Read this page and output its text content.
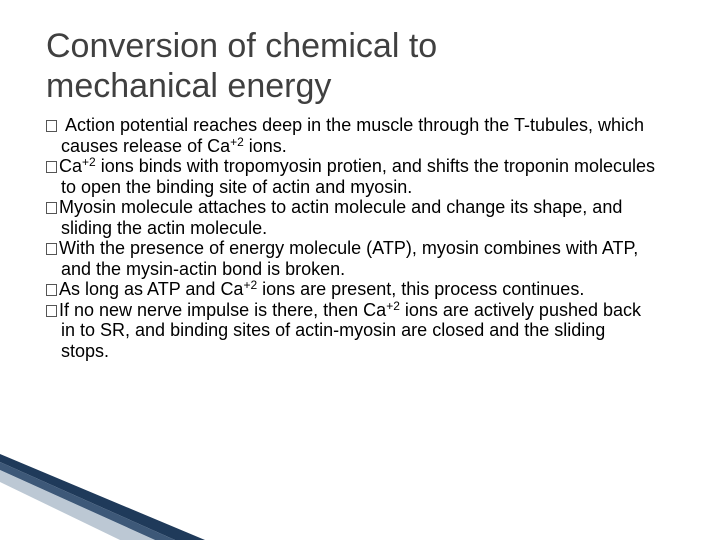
Conversion of chemical to
mechanical energy
Action potential reaches deep in the muscle through the T-tubules, which causes release of $Ca^{+2}$ ions.
$Ca^{+2}$ ions binds with tropomyosin protien, and shifts the troponin molecules to open the binding site of actin and myosin.
Myosin molecule attaches to actin molecule and change its shape, and sliding the actin molecule.
With the presence of energy molecule (ATP), myosin combines with ATP, and the mysin-actin bond is broken.
As long as ATP and $Ca^{+2}$ ions are present, this process continues.
If no new nerve impulse is there, then $Ca^{+2}$ ions are actively pushed back in to SR, and binding sites of actin-myosin are closed and the sliding stops.
